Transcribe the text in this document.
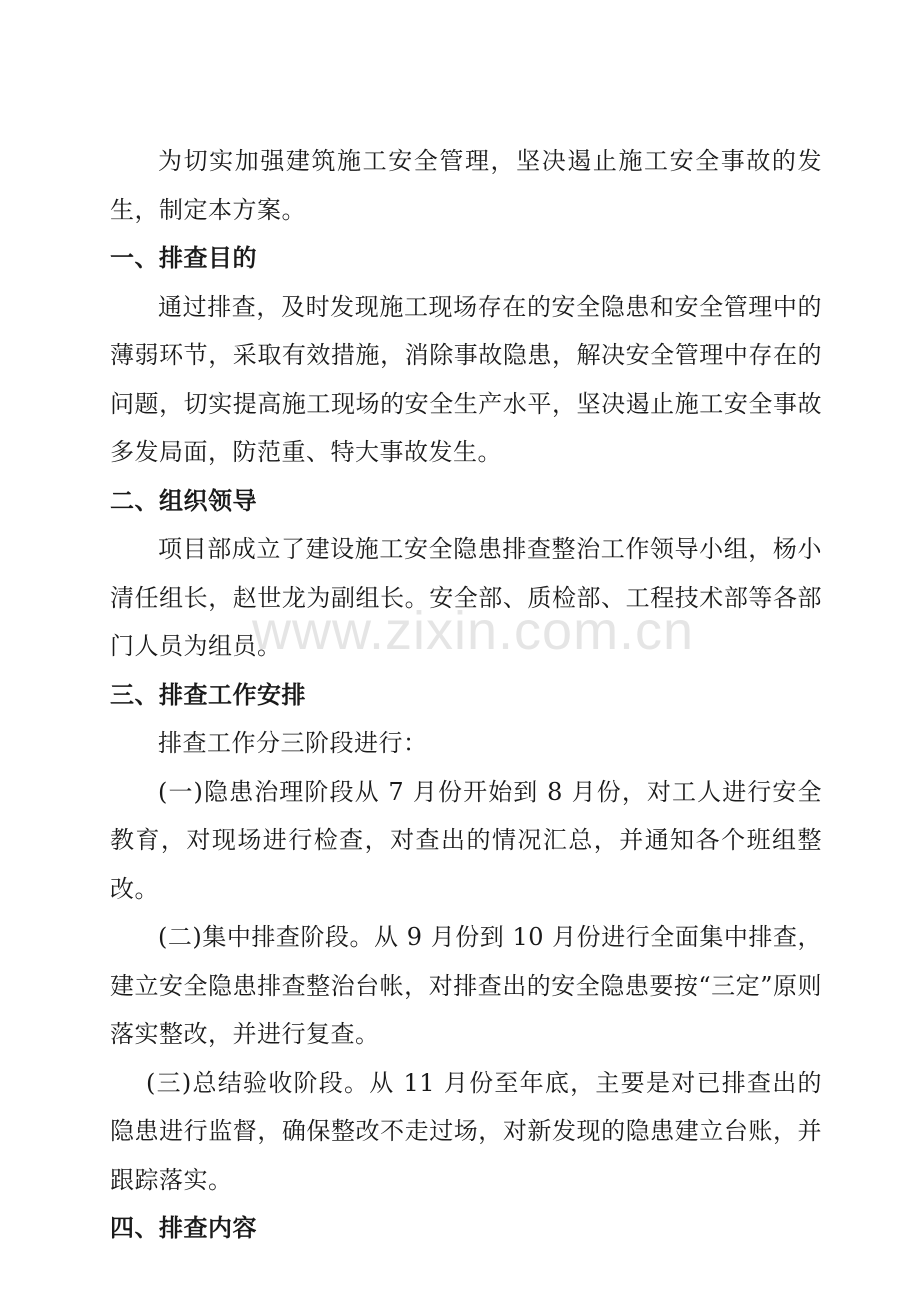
为切实加强建筑施工安全管理，坚决遏止施工安全事故的发生，制定本方案。

一、排查目的

通过排查，及时发现施工现场存在的安全隐患和安全管理中的薄弱环节，采取有效措施，消除事故隐患，解决安全管理中存在的问题，切实提高施工现场的安全生产水平，坚决遏止施工安全事故多发局面，防范重、特大事故发生。

二、组织领导

项目部成立了建设施工安全隐患排查整治工作领导小组，杨小清任组长，赵世龙为副组长。安全部、质检部、工程技术部等各部门人员为组员。

三、排查工作安排

排查工作分三阶段进行：

(一)隐患治理阶段从 7 月份开始到 8 月份，对工人进行安全教育，对现场进行检查，对查出的情况汇总，并通知各个班组整改。

(二)集中排查阶段。从 9 月份到 10 月份进行全面集中排查，建立安全隐患排查整治台帐，对排查出的安全隐患要按“三定”原则落实整改，并进行复查。

(三)总结验收阶段。从 11 月份至年底，主要是对已排查出的隐患进行监督，确保整改不走过场，对新发现的隐患建立台账，并跟踪落实。

四、排查内容

www.zixin.com.cn
